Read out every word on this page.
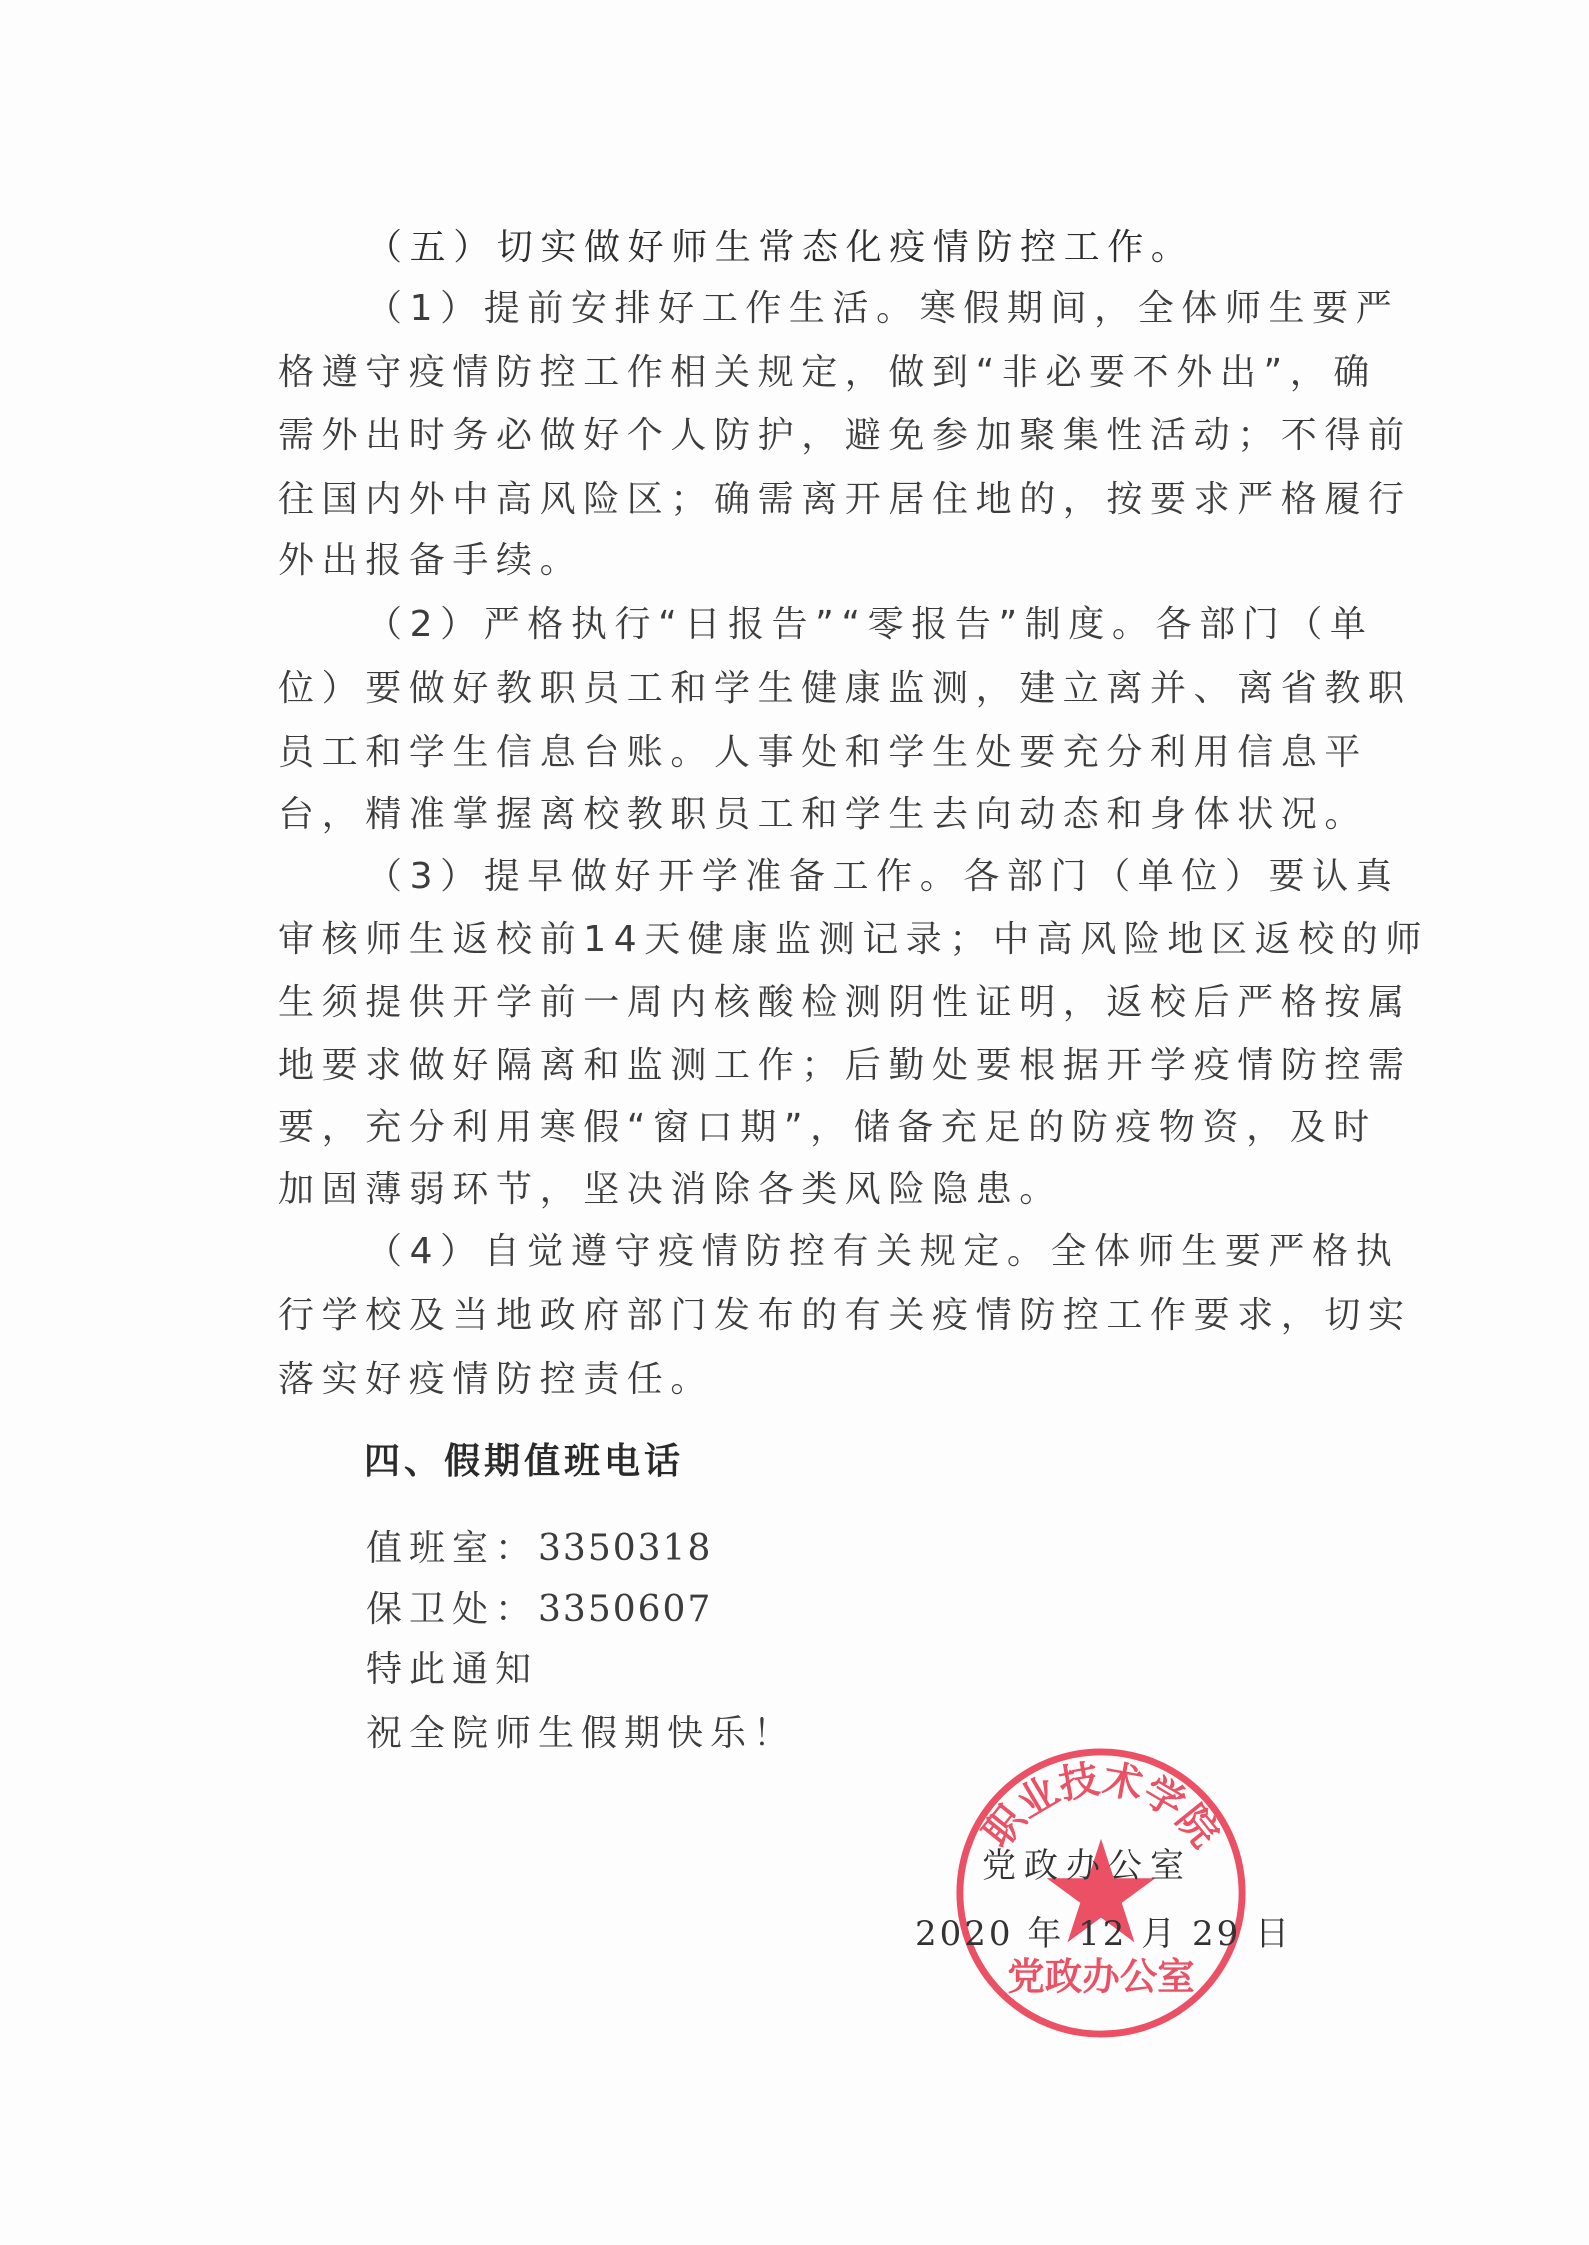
（五）切实做好师生常态化疫情防控工作。
（1）提前安排好工作生活。寒假期间，全体师生要严
格遵守疫情防控工作相关规定，做到“非必要不外出”，确
需外出时务必做好个人防护，避免参加聚集性活动；不得前
往国内外中高风险区；确需离开居住地的，按要求严格履行
外出报备手续。
（2）严格执行“日报告”“零报告”制度。各部门（单
位）要做好教职员工和学生健康监测，建立离并、离省教职
员工和学生信息台账。人事处和学生处要充分利用信息平
台，精准掌握离校教职员工和学生去向动态和身体状况。
（3）提早做好开学准备工作。各部门（单位）要认真
审核师生返校前14天健康监测记录；中高风险地区返校的师
生须提供开学前一周内核酸检测阴性证明，返校后严格按属
地要求做好隔离和监测工作；后勤处要根据开学疫情防控需
要，充分利用寒假“窗口期”，储备充足的防疫物资，及时
加固薄弱环节，坚决消除各类风险隐患。
（4）自觉遵守疫情防控有关规定。全体师生要严格执
行学校及当地政府部门发布的有关疫情防控工作要求，切实
落实好疫情防控责任。
四、假期值班电话
值班室：3350318
保卫处：3350607
特此通知
祝全院师生假期快乐！
职业技术学院
党政办公室
党政办公室
2020 年 12 月 29 日
